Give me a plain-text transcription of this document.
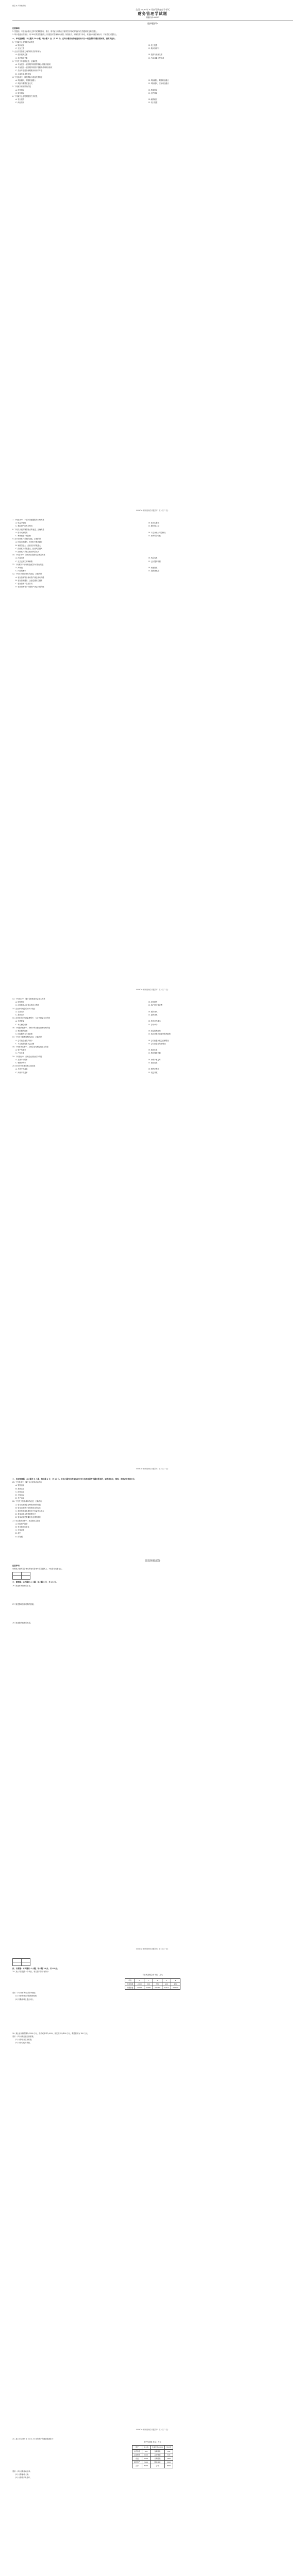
绝密 ★ 考试结束前
全国 2020 年 8 月高等教育自学考试
财务管理学试题
课程代码:00067
选择题部分

注意事项:

1. 答题前，考生务必将自己的考试课程名称、姓名、准考证号用黑色字迹的签字笔或钢笔填写在答题纸规定的位置上。

2. 每小题选出答案后，用 2B 铅笔把答题纸上对应题目的答案标号涂黑。如需改动，用橡皮擦干净后，再选涂其他答案标号。不能答在试题卷上。

一、单项选择题：本大题共 20 小题，每小题 1 分，共 20 分。在每小题列出的备选项中只有一项是最符合题目要求的，请将其选出。

1. 下列属于企业筹资活动的是

A. 购买设备	B. 发行股票
C. 支付工资	D. 购买原材料

2. 企业与投资者之间的财务关系体现为

A. 债权债务关系	B. 投资与受资关系
C. 依法纳税关系	D. 劳动成果分配关系

3. 下列关于年金的表述，正确的是

A. 年金是指一定时期内每期等额收付的系列款项
B. 年金是指一定时期内每期不等额的系列收付款项
C. 先付年金是指每期期末收付的年金
D. 永续年金具有终值

4. 下列选项中，体现风险与收益关系的是

A. 风险越大，期望收益越大	B. 风险越小，期望收益越大
C. 风险与期望收益无关	D. 风险越大，实际收益越大

5. 下列属于系统风险的是

A. 经营风险	B. 利率风险
C. 财务风险	D. 违约风险

6. 下列属于企业短期筹资方式的是

A. 发行债券	B. 融资租赁
C. 商业信用	D. 发行股票
00067# 财务管理学试题 第 1 页（共 7 页）

7. 下列选项中，不属于普通股股东权利的是

A. 收益分配权	B. 优先认股权
C. 剩余财产优先分配权	D. 股份转让权

8. 下列关于债券筹资特点的表述，正确的是

A. 资本成本较高	B. 不会分散公司控制权
C. 筹资数额不受限制	D. 财务风险较低

9. 关于经营杠杆系数的表述，正确的是

A. 固定成本越大，经营杠杆系数越小
B. 销售量越大，经营杠杆系数越大
C. 经营杠杆系数越大，经营风险越大
D. 经营杠杆系数与经营风险无关

10. 下列各项中，影响项目投资现金流量的是

A. 沉没成本	B. 机会成本
C. 过去已发生的调研费	D. 已计提的折旧

11. 下列属于非贴现现金流量评价指标的是

A. 净现值	B. 现值指数
C. 内含报酬率	D. 投资回收期

12. 下列关于营运资本的表述，正确的是

A. 营运资本等于流动资产减去流动负债
B. 营运资本越多，企业偿债能力越弱
C. 营运资本不包括存货
D. 营运资本等于长期资产减去长期负债
00067# 财务管理学试题 第 2 页（共 7 页）

13. 下列项目中，属于应收账款机会成本的是

A. 收账费用	B. 坏账损失
C. 应收账款占用资金的应计利息	D. 客户资信调查费

14. 企业持有现金的动机不包括

A. 交易动机	B. 预防动机
C. 投机动机	D. 盈利动机

15. 存货经济订货批量模型中，与订货批量无关的是

A. 年需要量	B. 每次订货成本
C. 单位储存成本	D. 存货单价

16. 下列股利政策中，有利于保持最佳资本结构的是

A. 剩余股利政策	B. 固定股利政策
C. 固定股利支付率政策	D. 低正常股利加额外股利政策

17. 下列关于股票股利的表述，正确的是

A. 会导致企业资产减少	B. 会导致股东权益总额增加
C. 不会改变股东权益总额	D. 会导致企业负债增加

18. 下列财务比率中，反映企业短期偿债能力的是

A. 资产负债率	B. 速动比率
C. 产权比率	D. 利息保障倍数

19. 下列指标中，反映企业营运能力的是

A. 总资产周转率	B. 净资产收益率
C. 销售净利率	D. 流动比率

20. 杜邦分析体系的核心指标是

A. 总资产收益率	B. 销售净利率
C. 净资产收益率	D. 权益乘数
00067# 财务管理学试题 第 3 页（共 7 页）

二、多项选择题：本大题共 5 小题，每小题 2 分，共 10 分。在每小题列出的备选项中至少有两项是符合题目要求的，请将其选出，错选、多选或少选均无分。

21. 下列各项中，属于企业财务活动的有

A. 筹资活动
B. 投资活动
C. 经营活动
D. 分配活动
E. 生产活动

22. 下列关于资本成本的表述，正确的有

A. 资本成本是企业筹资决策的依据
B. 资本成本是评价投资项目的标准
C. 债务资本成本通常低于权益资本成本
D. 资本成本与筹资规模无关
E. 资本成本是衡量经营业绩的基准

23. 项目投资决策中，现金流出量包括

A. 固定资产投资
B. 垫支的营运资本
C. 付现成本
D. 折旧
E. 所得税
非选择题部分

注意事项:

用黑色字迹的签字笔或钢笔将答案写在答题纸上，不能答在试题卷上。

三、简答题：本大题共 3 小题，每小题 5 分，共 15 分。

26. 简述财务管理的目标。

27. 简述影响资本结构的因素。

28. 简述股利政策的类型。

00067# 财务管理学试题 第 4 页（共 7 页）

四、计算题：本大题共 4 小题，每小题 10 分，共 40 分。

29. 某公司拟投资一个项目，有关资料如下表所示：

项目现金流量表 单位：万元
年份	0	1	2	3	4
现金流量	-1000	300	350	400	450
折现系数	1.0000	0.9091	0.8264	0.7513	0.6830

要求：(1) 计算该项目的净现值；

(2) 计算该项目的投资回收期；

(3) 判断该项目是否可行。

30. 某企业年销售额为 2000 万元，变动成本率为 60%，固定成本为 400 万元，利息费用为 100 万元。

要求：(1) 计算经营杠杆系数；

(2) 计算财务杠杆系数；

(3) 计算总杠杆系数。

00067# 财务管理学试题 第 5 页（共 7 页）

31. 某公司 2019 年 12 月 31 日的资产负债表简表如下：

资产负债表 单位：万元
资产	年末数	负债及股东权益	年末数
货币资金	500	短期借款	800
应收账款	1200	应付账款	600
存货	1300	长期借款	1600
固定资产	3000	股东权益	3000
合计	6000	合计	6000

要求：(1) 计算流动比率；

(2) 计算速动比率；

(3) 计算资产负债率。
